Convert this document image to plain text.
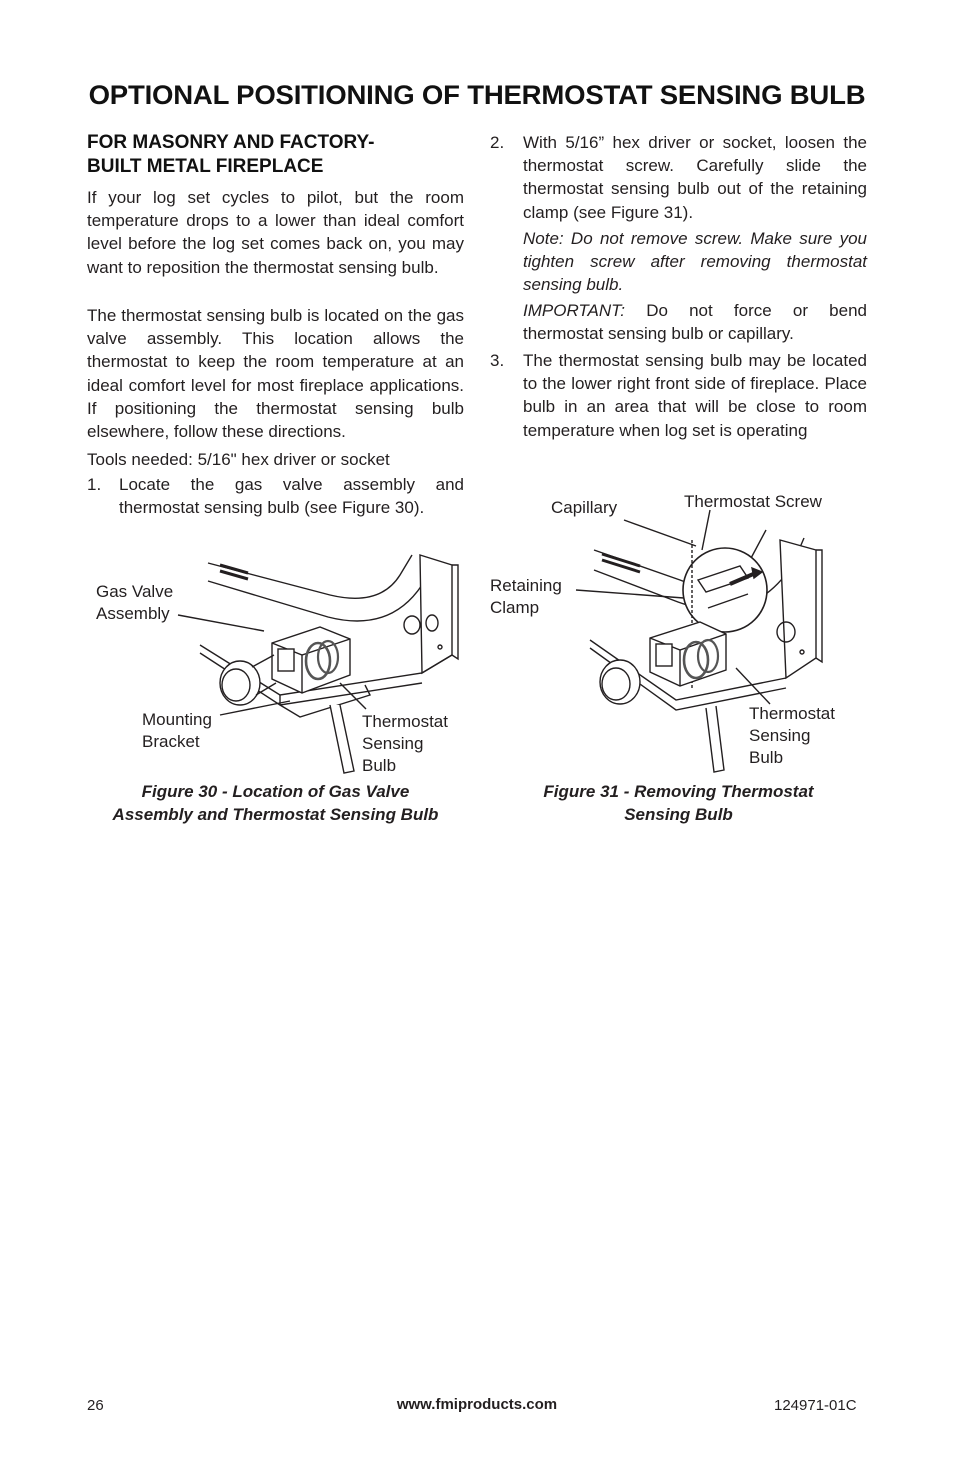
OPTIONAL POSITIONING OF THERMOSTAT SENSING BULB
FOR MASONRY AND FACTORY-
BUILT METAL FIREPLACE
If your log set cycles to pilot, but the room temperature drops to a lower than ideal comfort level before the log set comes back on, you may want to reposition the thermostat sensing bulb.
The thermostat sensing bulb is located on the gas valve assembly. This location allows the thermostat to keep the room temperature at an ideal comfort level for most fireplace applications. If positioning the thermostat sensing bulb elsewhere, follow these directions.
Tools needed: 5/16" hex driver or socket
1. Locate the gas valve assembly and thermostat sensing bulb (see Figure 30).
2. With 5/16” hex driver or socket, loosen the thermostat screw. Carefully slide the thermostat sensing bulb out of the retaining clamp (see Figure 31).
Note: Do not remove screw. Make sure you tighten screw after removing thermostat sensing bulb.
IMPORTANT: Do not force or bend thermostat sensing bulb or capillary.
3. The thermostat sensing bulb may be located to the lower right front side of fireplace. Place bulb in an area that will be close to room temperature when log set is operating
Gas Valve
Assembly
Mounting
Bracket
Thermostat
Sensing
Bulb
Figure 30 - Location of Gas Valve
Assembly and Thermostat Sensing Bulb
Capillary	Thermostat Screw
Retaining
Clamp
Thermostat
Sensing
Bulb
Figure 31 - Removing Thermostat
Sensing Bulb
26	www.fmiproducts.com	124971-01C
